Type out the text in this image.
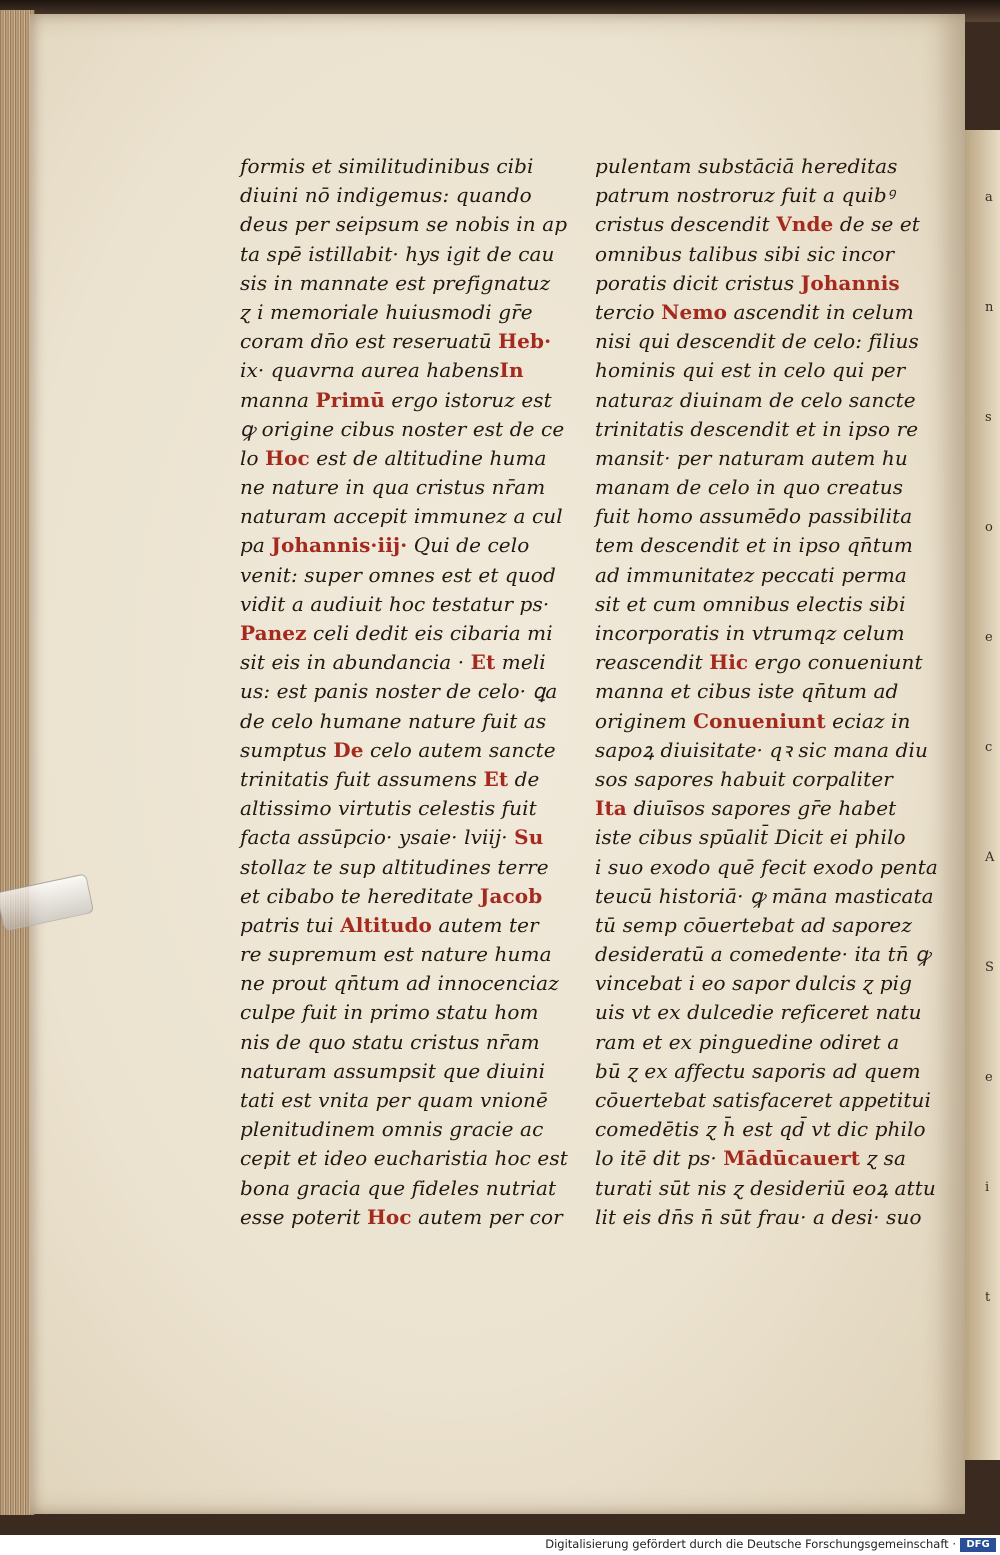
a
n
s
o
e
c
A
S
e
i
t
formis et similitudinibus cibi
diuini nō indigemus: quando
deus per seipsum se nobis in ap
ta spē istillabit· hys igit de cau
sis in mannate est prefignatuz
ɀ i memoriale huiusmodi gr̄e
coram dn̄o est reseruatū Heb·
ix· quavrna aurea habensIn
manna Primū ergo istoruz est
ꝙ origine cibus noster est de ce
lo Hoc est de altitudine huma
ne nature in qua cristus nr̄am
naturam accepit immunez a cul
pa Johannis·iij· Qui de celo
venit: super omnes est et quod
vidit a audiuit hoc testatur ps·
Panez celi dedit eis cibaria mi
sit eis in abundancia · Et meli
us: est panis noster de celo· ꝗa
de celo humane nature fuit as
sumptus De celo autem sancte
trinitatis fuit assumens Et de
altissimo virtutis celestis fuit
facta assūpcio· ysaie· lviij· Su
stollaz te sup altitudines terre
et cibabo te hereditate Jacob
patris tui Altitudo autem ter
re supremum est nature huma
ne prout qn̄tum ad innocenciaz
culpe fuit in primo statu hom
nis de quo statu cristus nr̄am
naturam assumpsit que diuini
tati est vnita per quam vnionē
plenitudinem omnis gracie ac
cepit et ideo eucharistia hoc est
bona gracia que fideles nutriat
esse poterit Hoc autem per cor
pulentam substāciā hereditas
patrum nostroruz fuit a quibꝰ
cristus descendit Vnde de se et
omnibus talibus sibi sic incor
poratis dicit cristus Johannis
tercio Nemo ascendit in celum
nisi qui descendit de celo: filius
hominis qui est in celo qui per
naturaz diuinam de celo sancte
trinitatis descendit et in ipso re
mansit· per naturam autem hu
manam de celo in quo creatus
fuit homo assumēdo passibilita
tem descendit et in ipso qn̄tum
ad immunitatez peccati perma
sit et cum omnibus electis sibi
incorporatis in vtrumqz celum
reascendit Hic ergo conueniunt
manna et cibus iste qn̄tum ad
originem Conueniunt eciaz in
sapoꝝ diuisitate· qꝛ sic mana diu
sos sapores habuit corpaliter
Ita diuīsos sapores gr̄e habet
iste cibus spūalit̄ Dicit ei philo
i suo exodo quē fecit exodo penta
teucū historiā· ꝙ māna masticata
tū semp cōuertebat ad saporez
desideratū a comedente· ita tn̄ ꝙ
vincebat i eo sapor dulcis ɀ pig
uis vt ex dulcedie reficeret natu
ram et ex pinguedine odiret a
bū ɀ ex affectu saporis ad quem
cōuertebat satisfaceret appetitui
comedētis ɀ h̄ est qd̄ vt dic philo
lo itē dit ps· Mādūcauert ɀ sa
turati sūt nis ɀ desideriū eoꝝ attu
lit eis dn̄s n̄ sūt frau· a desi· suo
Digitalisierung gefördert durch die Deutsche Forschungsgemeinschaft ·	DFG
